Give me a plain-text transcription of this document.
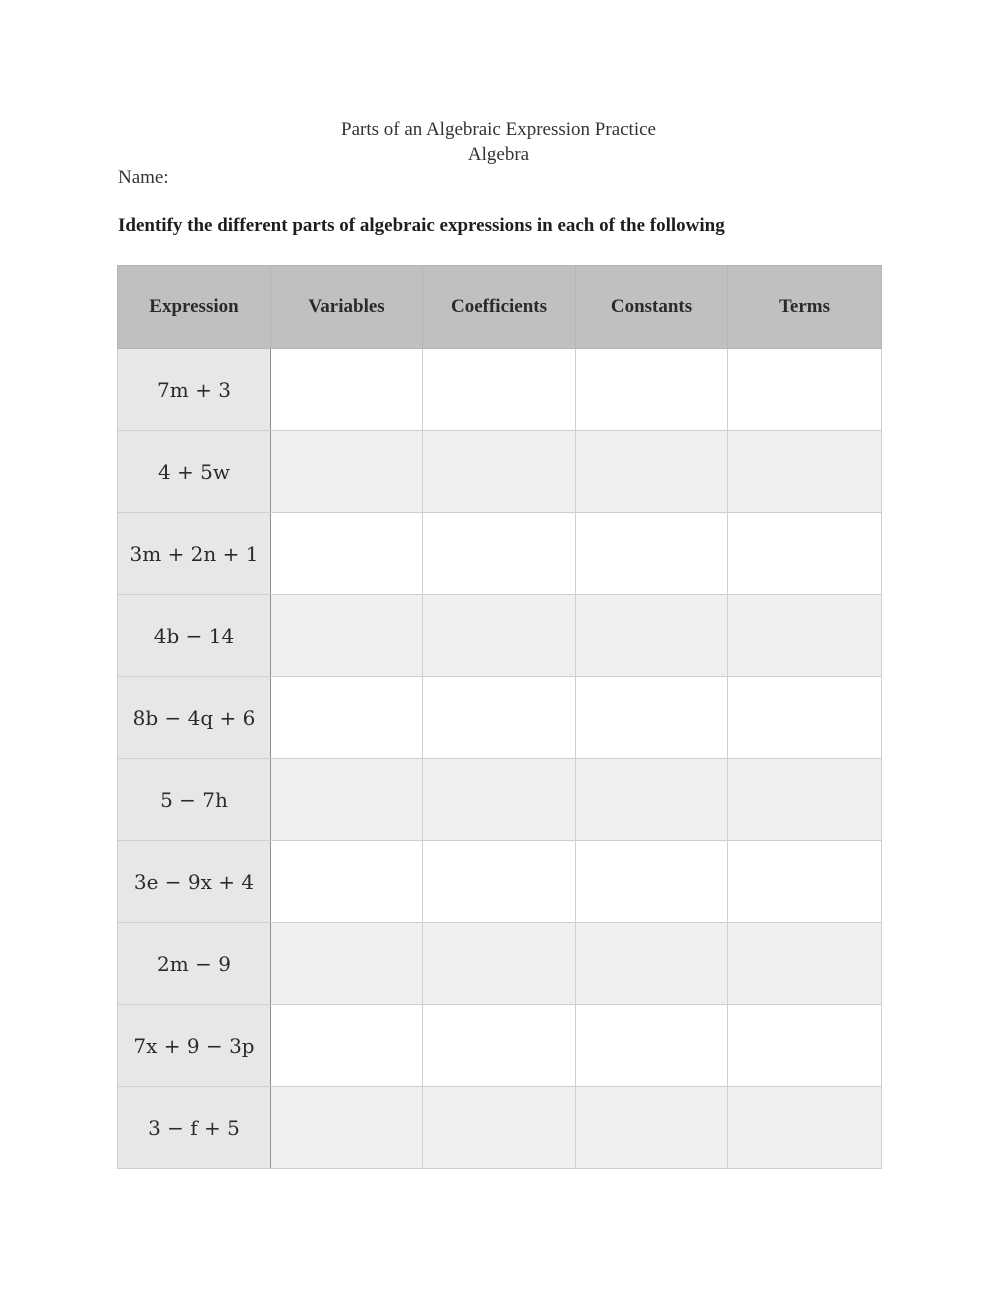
Parts of an Algebraic Expression Practice
Algebra
Name:
Identify the different parts of algebraic expressions in each of the following
Expression	Variables	Coefficients	Constants	Terms
7m + 3				
4 + 5w				
3m + 2n + 1				
4b − 14				
8b − 4q + 6				
5 − 7h				
3e − 9x + 4				
2m − 9				
7x + 9 − 3p				
3 − f + 5				
